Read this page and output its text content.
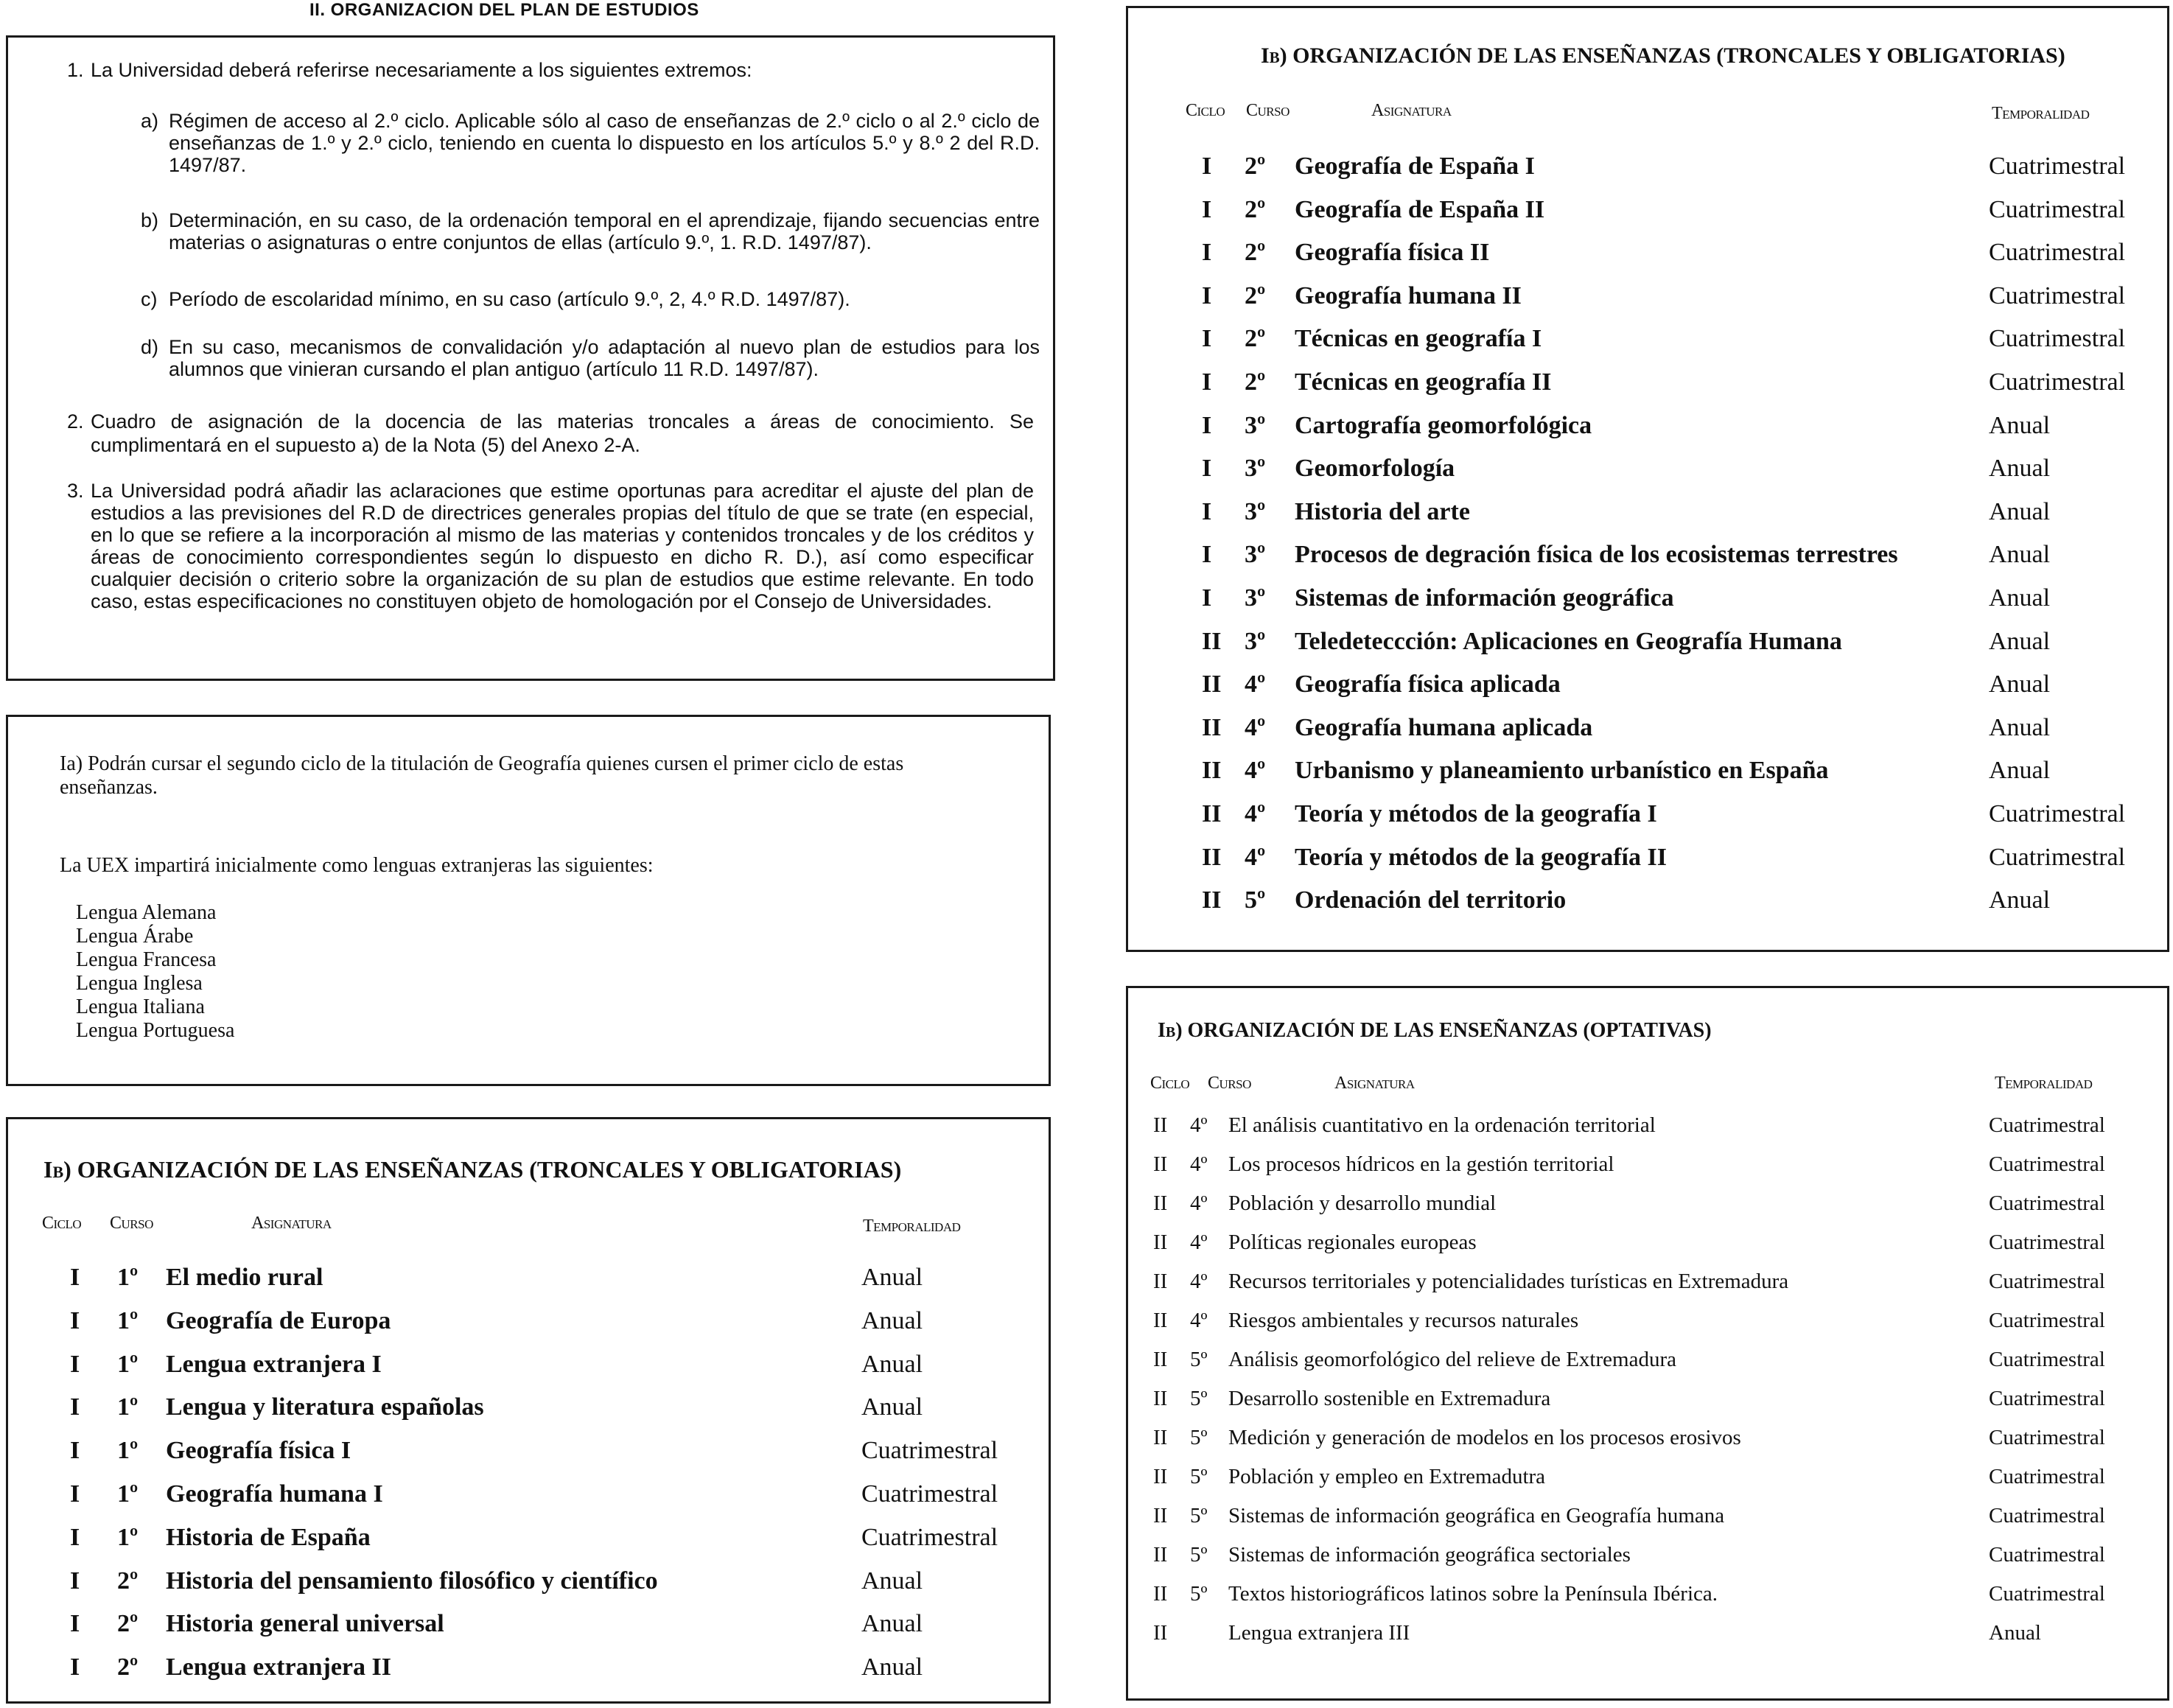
II. ORGANIZACION DEL PLAN DE ESTUDIOS
1. La Universidad deberá referirse necesariamente a los siguientes extremos:
a) Régimen de acceso al 2.º ciclo. Aplicable sólo al caso de enseñanzas de 2.º ciclo o al 2.º ciclo de enseñanzas de 1.º y 2.º ciclo, teniendo en cuenta lo dispuesto en los artículos 5.º y 8.º 2 del R.D. 1497/87.
b) Determinación, en su caso, de la ordenación temporal en el aprendizaje, fijando secuencias entre materias o asignaturas o entre conjuntos de ellas (artículo 9.º, 1. R.D. 1497/87).
c) Período de escolaridad mínimo, en su caso (artículo 9.º, 2, 4.º R.D. 1497/87).
d) En su caso, mecanismos de convalidación y/o adaptación al nuevo plan de estudios para los alumnos que vinieran cursando el plan antiguo (artículo 11 R.D. 1497/87).
2. Cuadro de asignación de la docencia de las materias troncales a áreas de conocimiento. Se cumplimentará en el supuesto a) de la Nota (5) del Anexo 2-A.
3. La Universidad podrá añadir las aclaraciones que estime oportunas para acreditar el ajuste del plan de estudios a las previsiones del R.D de directrices generales propias del título de que se trate (en especial, en lo que se refiere a la incorporación al mismo de las materias y contenidos troncales y de los créditos y áreas de conocimiento correspondientes según lo dispuesto en dicho R. D.), así como especificar cualquier decisión o criterio sobre la organización de su plan de estudios que estime relevante. En todo caso, estas especificaciones no constituyen objeto de homologación por el Consejo de Universidades.
Ia) Podrán cursar el segundo ciclo de la titulación de Geografía quienes cursen el primer ciclo de estas enseñanzas.
La UEX impartirá inicialmente como lenguas extranjeras las siguientes:
Lengua Alemana
Lengua Árabe
Lengua Francesa
Lengua Inglesa
Lengua Italiana
Lengua Portuguesa
Ib) ORGANIZACIÓN DE LAS ENSEÑANZAS (TRONCALES Y OBLIGATORIAS)
Ciclo Curso	Asignatura	Temporalidad
I 1º El medio rural	Anual
I 1º Geografía de Europa	Anual
I 1º Lengua extranjera I	Anual
I 1º Lengua y literatura españolas	Anual
I 1º Geografía física I	Cuatrimestral
I 1º Geografía humana I	Cuatrimestral
I 1º Historia de España	Cuatrimestral
I 2º Historia del pensamiento filosófico y científico	Anual
I 2º Historia general universal	Anual
I 2º Lengua extranjera II	Anual
Ib) ORGANIZACIÓN DE LAS ENSEÑANZAS (TRONCALES Y OBLIGATORIAS)
Ciclo Curso	Asignatura	Temporalidad
I 2º Geografía de España I	Cuatrimestral
I 2º Geografía de España II	Cuatrimestral
I 2º Geografía física II	Cuatrimestral
I 2º Geografía humana II	Cuatrimestral
I 2º Técnicas en geografía I	Cuatrimestral
I 2º Técnicas en geografía II	Cuatrimestral
I 3º Cartografía geomorfológica	Anual
I 3º Geomorfología	Anual
I 3º Historia del arte	Anual
I 3º Procesos de degración física de los ecosistemas terrestres	Anual
I 3º Sistemas de información geográfica	Anual
II 3º Teledeteccción: Aplicaciones en Geografía Humana	Anual
II 4º Geografía física aplicada	Anual
II 4º Geografía humana aplicada	Anual
II 4º Urbanismo y planeamiento urbanístico en España	Anual
II 4º Teoría y métodos de la geografía I	Cuatrimestral
II 4º Teoría y métodos de la geografía II	Cuatrimestral
II 5º Ordenación del territorio	Anual
Ib) ORGANIZACIÓN DE LAS ENSEÑANZAS (OPTATIVAS)
Ciclo Curso	Asignatura	Temporalidad
II 4º El análisis cuantitativo en la ordenación territorial	Cuatrimestral
II 4º Los procesos hídricos en la gestión territorial	Cuatrimestral
II 4º Población y desarrollo mundial	Cuatrimestral
II 4º Políticas regionales europeas	Cuatrimestral
II 4º Recursos territoriales y potencialidades turísticas en Extremadura	Cuatrimestral
II 4º Riesgos ambientales y recursos naturales	Cuatrimestral
II 5º Análisis geomorfológico del relieve de Extremadura	Cuatrimestral
II 5º Desarrollo sostenible en Extremadura	Cuatrimestral
II 5º Medición y generación de modelos en los procesos erosivos	Cuatrimestral
II 5º Población y empleo en Extremadutra	Cuatrimestral
II 5º Sistemas de información geográfica en Geografía humana	Cuatrimestral
II 5º Sistemas de información geográfica sectoriales	Cuatrimestral
II 5º Textos historiográficos latinos sobre la Península Ibérica.	Cuatrimestral
II	Lengua extranjera III	Anual
